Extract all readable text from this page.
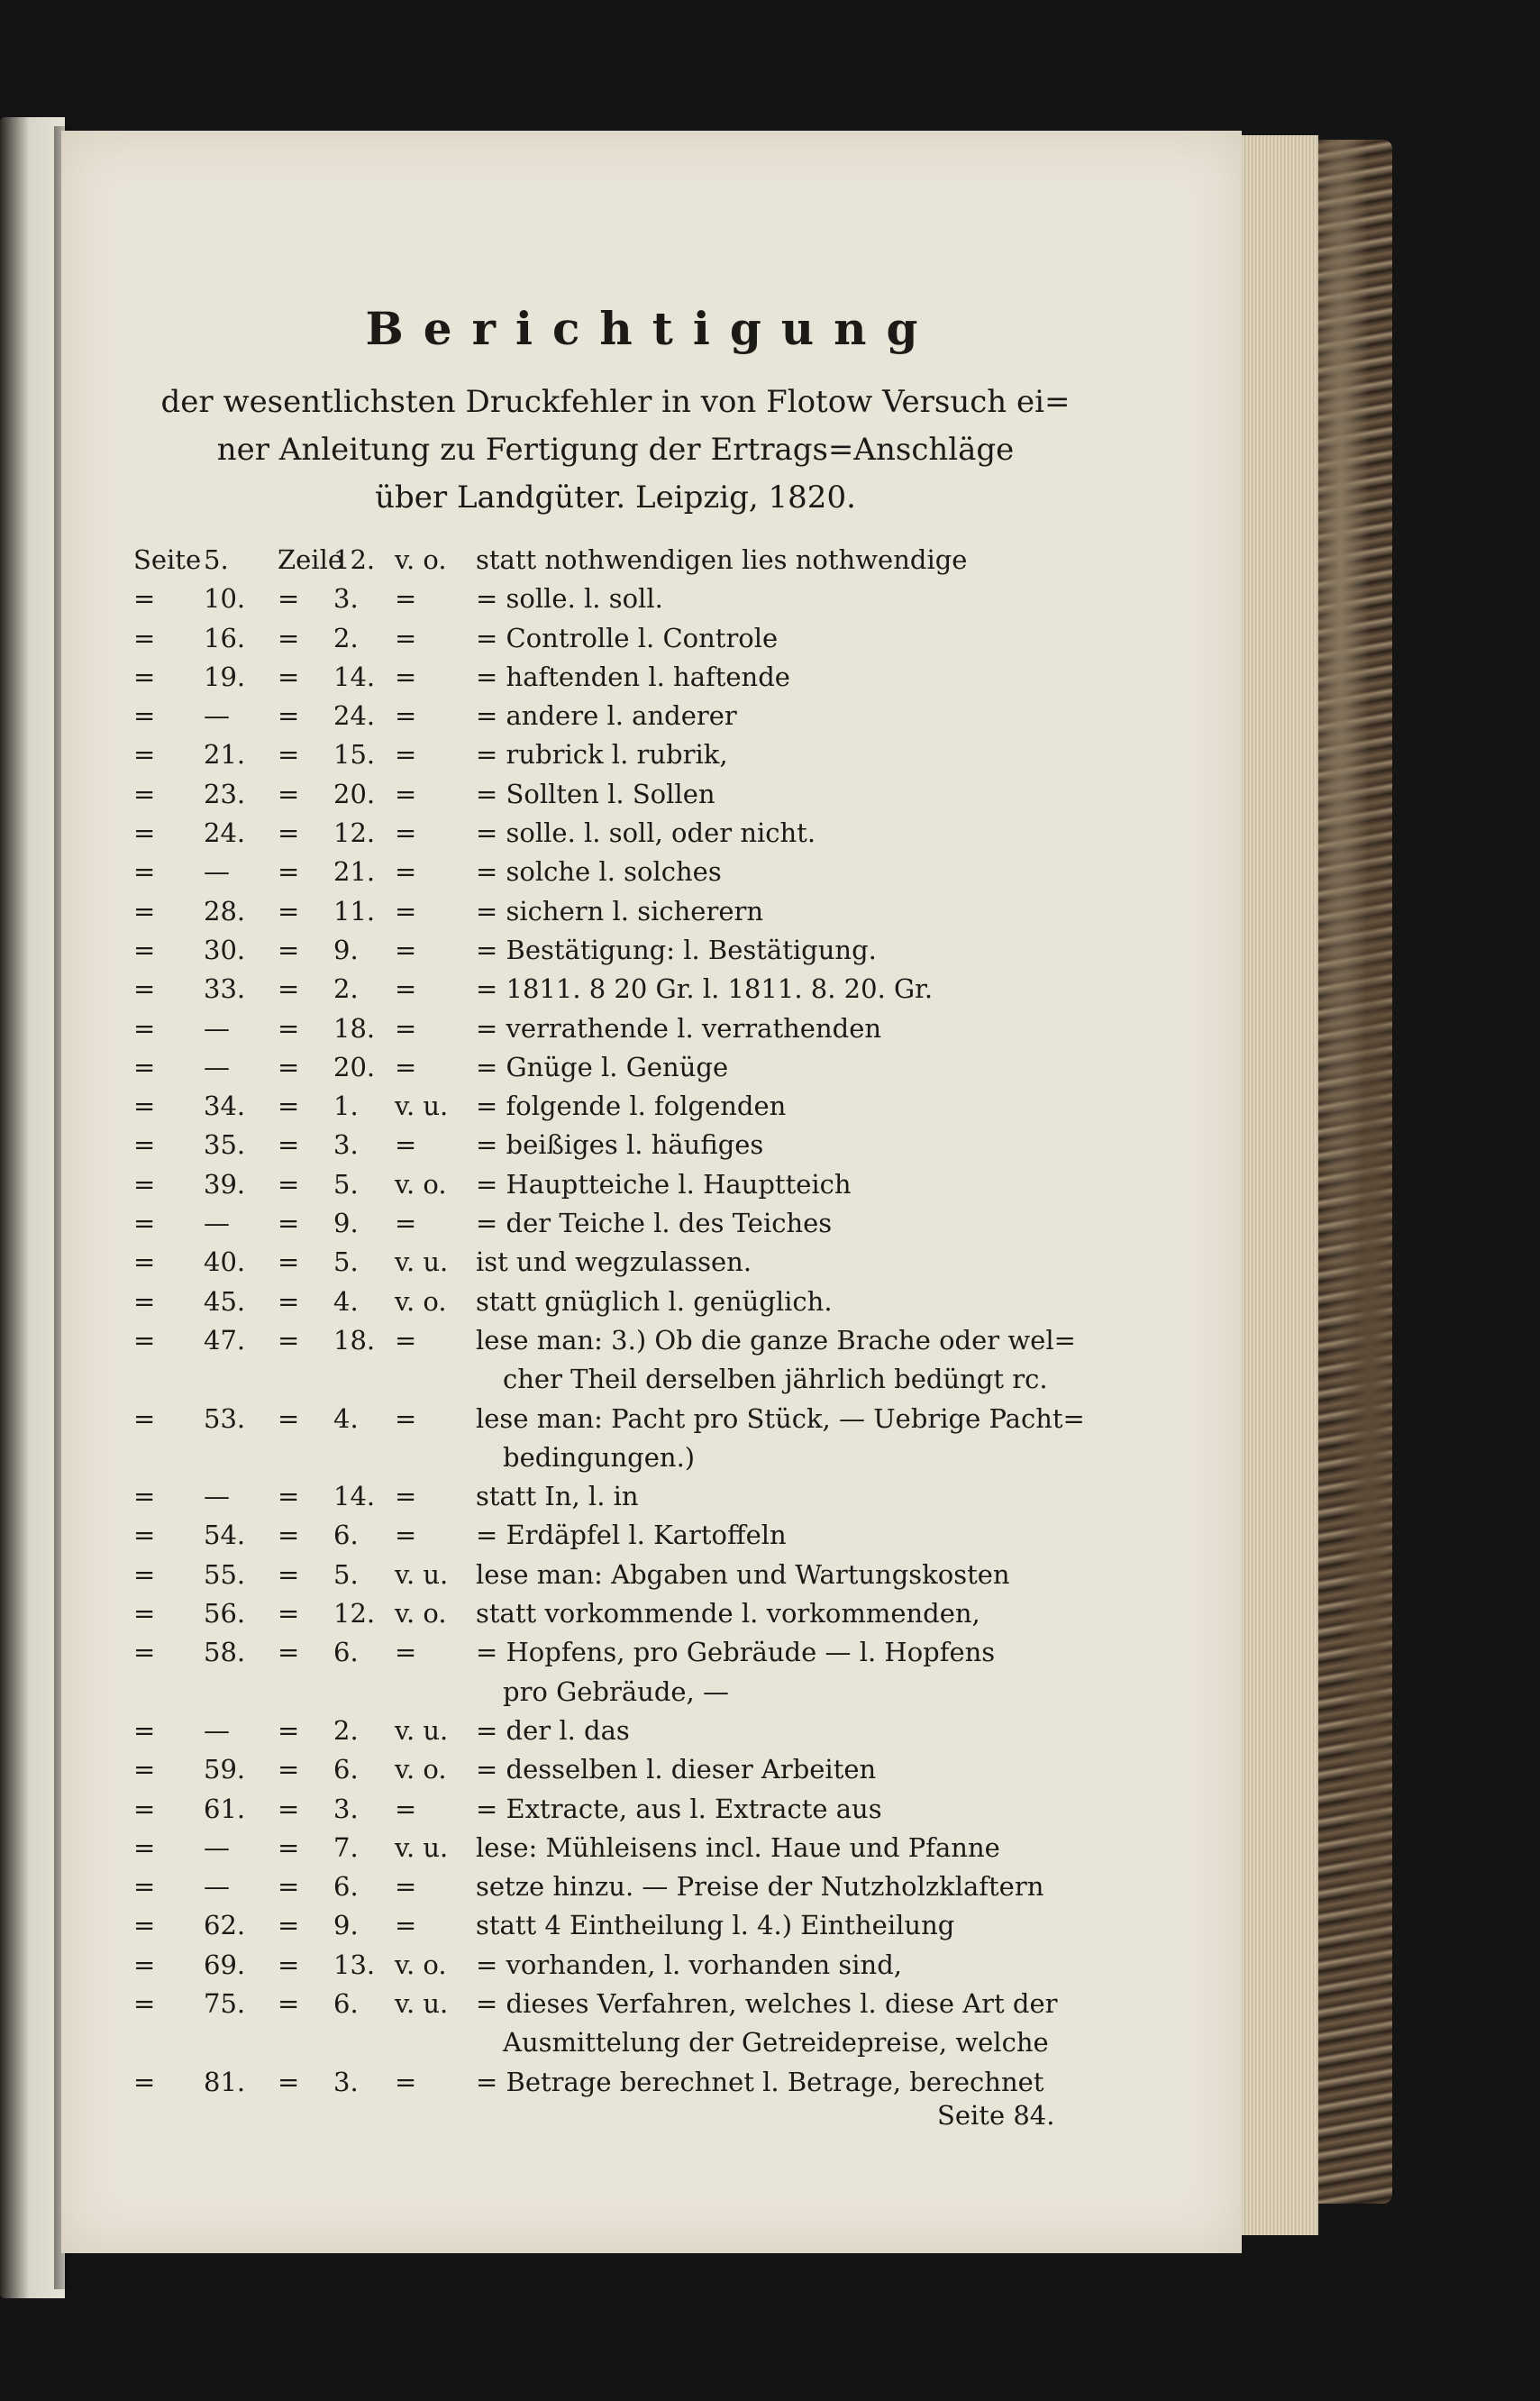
Berichtigung
der wesentlichsten Druckfehler in von Flotow Versuch ei=
ner Anleitung zu Fertigung der Ertrags=Anschläge
über Landgüter. Leipzig, 1820.
Seite 5. Zeile
12. v. o. statt nothwendigen lies nothwendige
= 10. = 3. = = solle. l. soll.
= 16. = 2. = = Controlle l. Controle
= 19. = 14. = = haftenden l. haftende
= — = 24. = = andere l. anderer
= 21. = 15. = = rubrick l. rubrik,
= 23. = 20. = = Sollten l. Sollen
= 24. = 12. = = solle. l. soll, oder nicht.
= — = 21. = = solche l. solches
= 28. = 11. = = sichern l. sicherern
= 30. = 9. = = Bestätigung: l. Bestätigung.
= 33. = 2. = = 1811. 8 20 Gr. l. 1811. 8. 20. Gr.
= — = 18. = = verrathende l. verrathenden
= — = 20. = = Gnüge l. Genüge
= 34. = 1. v. u. = folgende l. folgenden
= 35. = 3. = = beißiges l. häufiges
= 39. = 5. v. o. = Hauptteiche l. Hauptteich
= — = 9. = = der Teiche l. des Teiches
= 40. = 5. v. u. ist und wegzulassen.
= 45. = 4. v. o. statt gnüglich l. genüglich.
= 47. = 18. = lese man: 3.) Ob die ganze Brache oder wel=
cher Theil derselben jährlich bedüngt rc.
= 53. = 4. = lese man: Pacht pro Stück, — Uebrige Pacht=
bedingungen.)
= — = 14. = statt In, l. in
= 54. = 6. = = Erdäpfel l. Kartoffeln
= 55. = 5. v. u. lese man: Abgaben und Wartungskosten
= 56. = 12. v. o. statt vorkommende l. vorkommenden,
= 58. = 6. = = Hopfens, pro Gebräude — l. Hopfens
pro Gebräude, —
= — = 2. v. u. = der l. das
= 59. = 6. v. o. = desselben l. dieser Arbeiten
= 61. = 3. = = Extracte, aus l. Extracte aus
= — = 7. v. u. lese: Mühleisens incl. Haue und Pfanne
= — = 6. = setze hinzu. — Preise der Nutzholzklaftern
= 62. = 9. = statt 4 Eintheilung l. 4.) Eintheilung
= 69. = 13. v. o. = vorhanden, l. vorhanden sind,
= 75. = 6. v. u. = dieses Verfahren, welches l. diese Art der
Ausmittelung der Getreidepreise, welche
= 81. = 3. = = Betrage berechnet l. Betrage, berechnet
Seite 84.
